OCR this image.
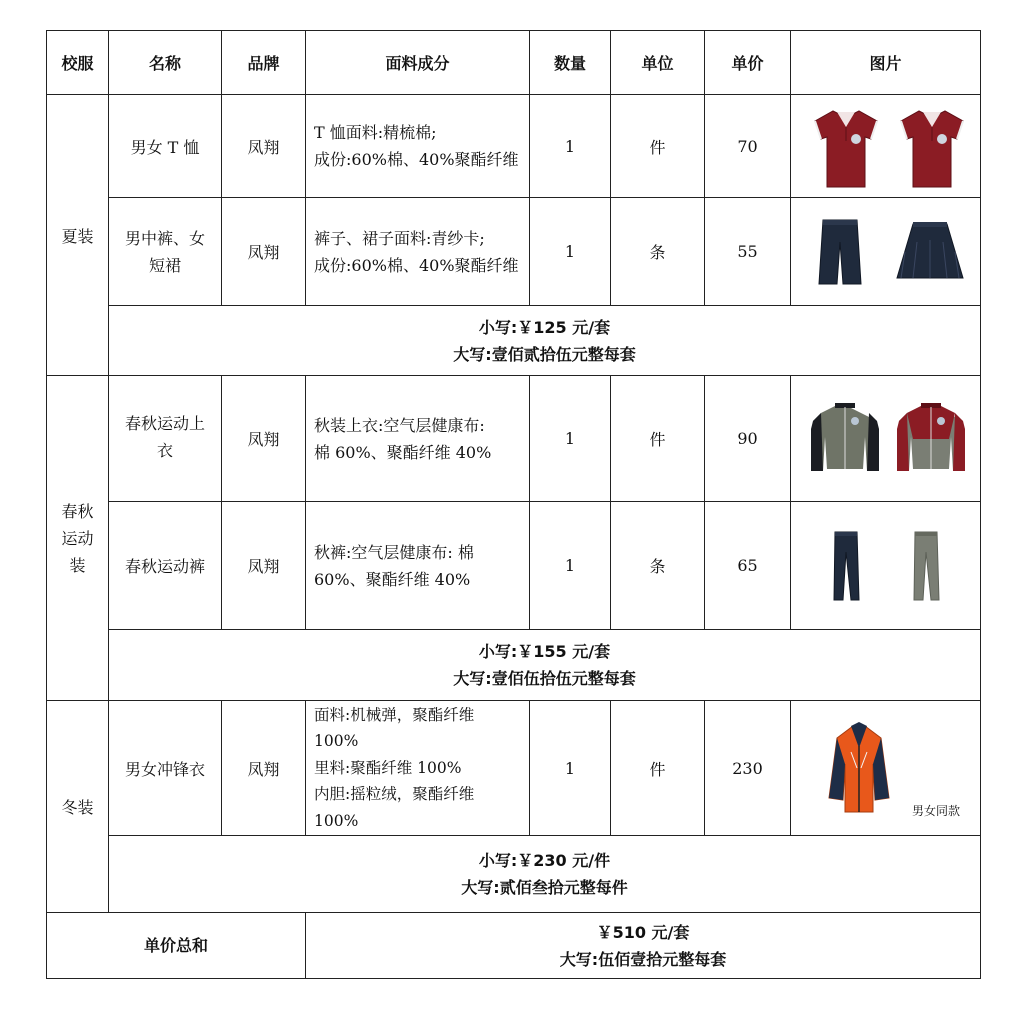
校服	名称	品牌	面料成分	数量	单位	单价	图片
夏装	男女 T 恤	凤翔	T 恤面料:精梳棉;
成份:60%棉、40%聚酯纤维	1	件	70	

	男中裤、女
短裙	凤翔	裤子、裙子面料:青纱卡;
成份:60%棉、40%聚酯纤维	1	条	55	

	小写:￥125 元/套
大写:壹佰贰拾伍元整每套						

春秋
运动
装	春秋运动上
衣	凤翔	秋装上衣:空气层健康布:
棉 60%、聚酯纤维 40%	1	件	90	

	春秋运动裤	凤翔	秋裤:空气层健康布: 棉
60%、聚酯纤维 40%	1	条	65	

	小写:￥155 元/套
大写:壹佰伍拾伍元整每套						

冬装	男女冲锋衣	凤翔	面料:机械弹，聚酯纤维
100%
里料:聚酯纤维 100%
内胆:摇粒绒，聚酯纤维
100%	1	件	230	男女同款

	小写:￥230 元/件
大写:贰佰叁拾元整每件						

单价总和			￥510 元/套
大写:伍佰壹拾元整每套				
